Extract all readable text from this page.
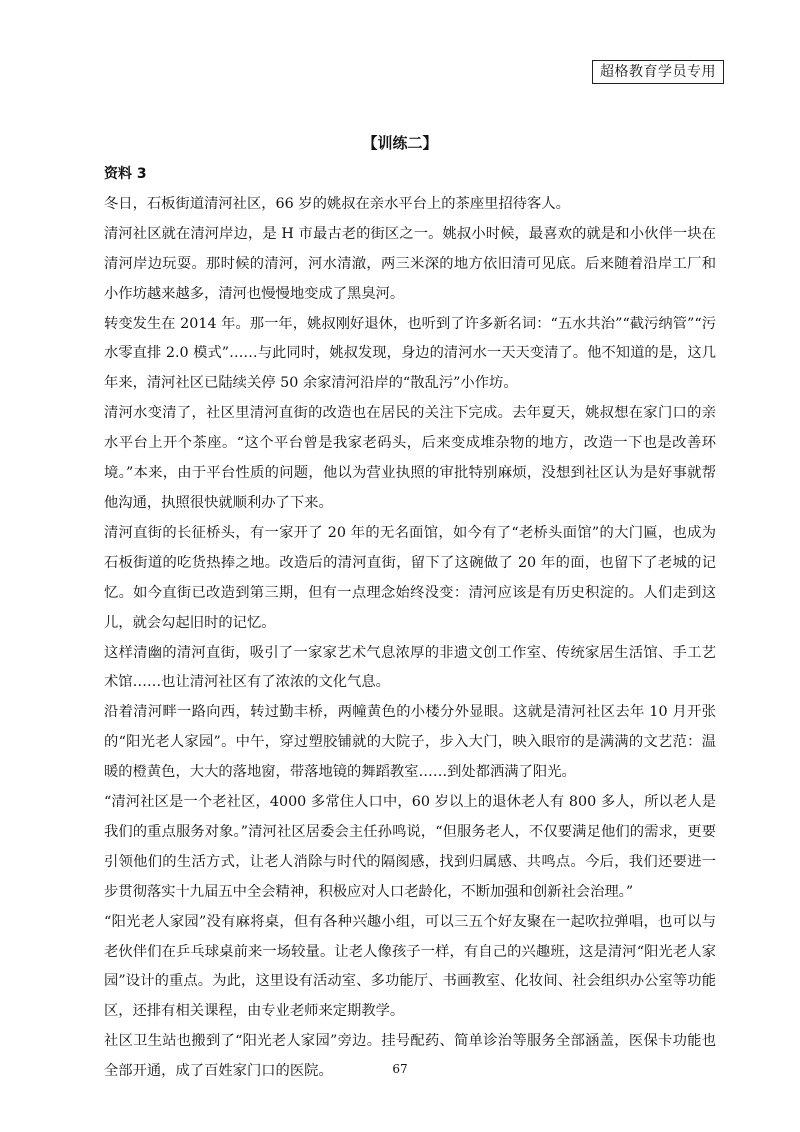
超格教育学员专用
【训练二】

资料 3

冬日，石板街道清河社区，66 岁的姚叔在亲水平台上的茶座里招待客人。

清河社区就在清河岸边，是 H 市最古老的街区之一。姚叔小时候，最喜欢的就是和小伙伴一块在清河岸边玩耍。那时候的清河，河水清澈，两三米深的地方依旧清可见底。后来随着沿岸工厂和小作坊越来越多，清河也慢慢地变成了黑臭河。

转变发生在 2014 年。那一年，姚叔刚好退休，也听到了许多新名词：“五水共治”“截污纳管”“污水零直排 2.0 模式”……与此同时，姚叔发现，身边的清河水一天天变清了。他不知道的是，这几年来，清河社区已陆续关停 50 余家清河沿岸的“散乱污”小作坊。

清河水变清了，社区里清河直街的改造也在居民的关注下完成。去年夏天，姚叔想在家门口的亲水平台上开个茶座。“这个平台曾是我家老码头，后来变成堆杂物的地方，改造一下也是改善环境。”本来，由于平台性质的问题，他以为营业执照的审批特别麻烦，没想到社区认为是好事就帮他沟通，执照很快就顺利办了下来。

清河直街的长征桥头，有一家开了 20 年的无名面馆，如今有了“老桥头面馆”的大门匾，也成为石板街道的吃货热捧之地。改造后的清河直街，留下了这碗做了 20 年的面，也留下了老城的记忆。如今直街已改造到第三期，但有一点理念始终没变：清河应该是有历史积淀的。人们走到这儿，就会勾起旧时的记忆。

这样清幽的清河直街，吸引了一家家艺术气息浓厚的非遗文创工作室、传统家居生活馆、手工艺术馆……也让清河社区有了浓浓的文化气息。

沿着清河畔一路向西，转过勤丰桥，两幢黄色的小楼分外显眼。这就是清河社区去年 10 月开张的“阳光老人家园”。中午，穿过塑胶铺就的大院子，步入大门，映入眼帘的是满满的文艺范：温暖的橙黄色，大大的落地窗，带落地镜的舞蹈教室……到处都洒满了阳光。

“清河社区是一个老社区，4000 多常住人口中，60 岁以上的退休老人有 800 多人，所以老人是我们的重点服务对象。”清河社区居委会主任孙鸣说，“但服务老人，不仅要满足他们的需求，更要引领他们的生活方式，让老人消除与时代的隔阂感，找到归属感、共鸣点。今后，我们还要进一步贯彻落实十九届五中全会精神，积极应对人口老龄化，不断加强和创新社会治理。”

“阳光老人家园”没有麻将桌，但有各种兴趣小组，可以三五个好友聚在一起吹拉弹唱，也可以与老伙伴们在乒乓球桌前来一场较量。让老人像孩子一样，有自己的兴趣班，这是清河“阳光老人家园”设计的重点。为此，这里设有活动室、多功能厅、书画教室、化妆间、社会组织办公室等功能区，还排有相关课程，由专业老师来定期教学。

社区卫生站也搬到了“阳光老人家园”旁边。挂号配药、简单诊治等服务全部涵盖，医保卡功能也全部开通，成了百姓家门口的医院。	67
